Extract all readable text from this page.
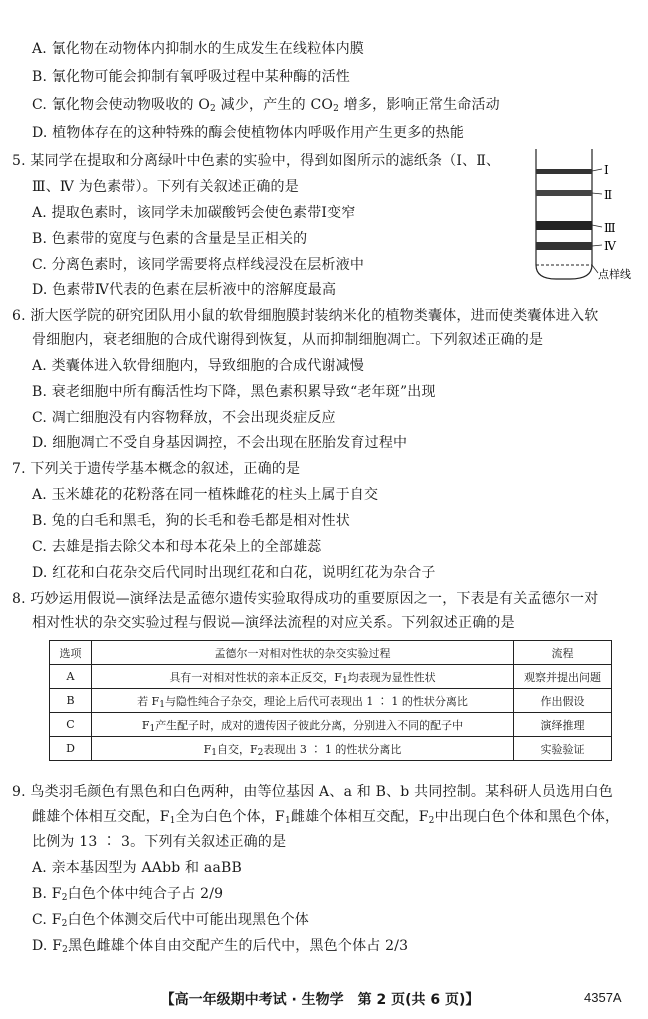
A. 氰化物在动物体内抑制水的生成发生在线粒体内膜
B. 氰化物可能会抑制有氧呼吸过程中某种酶的活性
C. 氰化物会使动物吸收的 $O_2$ 减少，产生的 $CO_2$ 增多，影响正常生命活动
D. 植物体存在的这种特殊的酶会使植物体内呼吸作用产生更多的热能
5. 某同学在提取和分离绿叶中色素的实验中，得到如图所示的滤纸条（Ⅰ、Ⅱ、
Ⅲ、Ⅳ 为色素带）。下列有关叙述正确的是
A. 提取色素时，该同学未加碳酸钙会使色素带Ⅰ变窄
B. 色素带的宽度与色素的含量是呈正相关的
C. 分离色素时，该同学需要将点样线浸没在层析液中
D. 色素带Ⅳ代表的色素在层析液中的溶解度最高
Ⅰ
Ⅱ
Ⅲ
Ⅳ
点样线
6. 浙大医学院的研究团队用小鼠的软骨细胞膜封装纳米化的植物类囊体，进而使类囊体进入软
骨细胞内，衰老细胞的合成代谢得到恢复，从而抑制细胞凋亡。下列叙述正确的是
A. 类囊体进入软骨细胞内，导致细胞的合成代谢减慢
B. 衰老细胞中所有酶活性均下降，黑色素积累导致“老年斑”出现
C. 凋亡细胞没有内容物释放，不会出现炎症反应
D. 细胞凋亡不受自身基因调控，不会出现在胚胎发育过程中
7. 下列关于遗传学基本概念的叙述，正确的是
A. 玉米雄花的花粉落在同一植株雌花的柱头上属于自交
B. 兔的白毛和黑毛，狗的长毛和卷毛都是相对性状
C. 去雄是指去除父本和母本花朵上的全部雄蕊
D. 红花和白花杂交后代同时出现红花和白花，说明红花为杂合子
8. 巧妙运用假说—演绎法是孟德尔遗传实验取得成功的重要原因之一，下表是有关孟德尔一对
相对性状的杂交实验过程与假说—演绎法流程的对应关系。下列叙述正确的是
选项	孟德尔一对相对性状的杂交实验过程	流程
A	具有一对相对性状的亲本正反交，$F_1$均表现为显性性状	观察并提出问题
B	若 $F_1$与隐性纯合子杂交，理论上后代可表现出 1 ∶ 1 的性状分离比	作出假设
C	$F_1$产生配子时，成对的遗传因子彼此分离，分别进入不同的配子中	演绎推理
D	$F_1$自交，$F_2$表现出 3 ∶ 1 的性状分离比	实验验证
9. 鸟类羽毛颜色有黑色和白色两种，由等位基因 A、a 和 B、b 共同控制。某科研人员选用白色
雌雄个体相互交配，$F_1$全为白色个体，$F_1$雌雄个体相互交配，$F_2$中出现白色个体和黑色个体，
比例为 13 ∶ 3。下列有关叙述正确的是
A. 亲本基因型为 AAbb 和 aaBB
B. $F_2$白色个体中纯合子占 2/9
C. $F_2$白色个体测交后代中可能出现黑色个体
D. $F_2$黑色雌雄个体自由交配产生的后代中，黑色个体占 2/3
【高一年级期中考试 · 生物学　第 2 页(共 6 页)】	4357A
